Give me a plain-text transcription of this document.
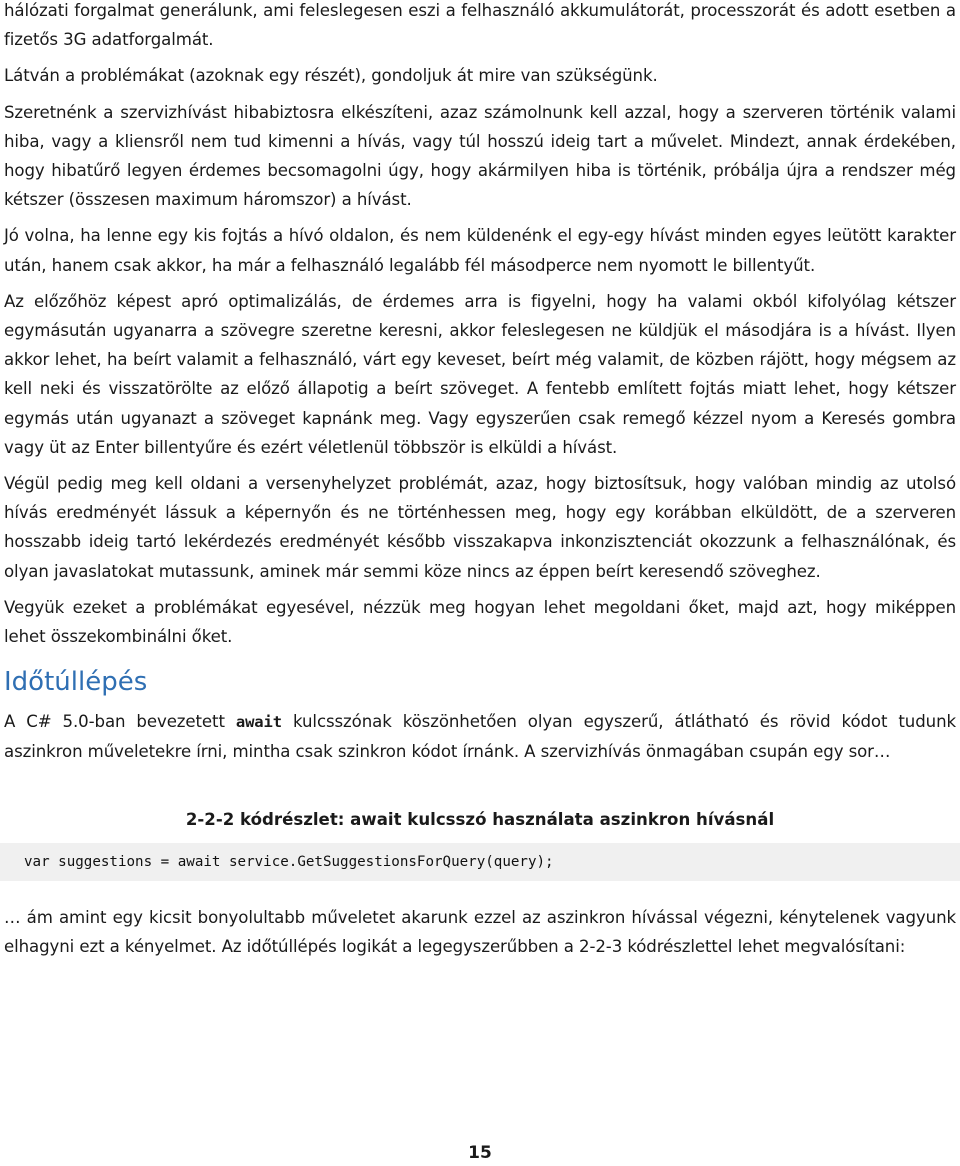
hálózati forgalmat generálunk, ami feleslegesen eszi a felhasználó akkumulátorát, processzorát és adott esetben a fizetős 3G adatforgalmát.

Látván a problémákat (azoknak egy részét), gondoljuk át mire van szükségünk.

Szeretnénk a szervizhívást hibabiztosra elkészíteni, azaz számolnunk kell azzal, hogy a szerveren történik valami hiba, vagy a kliensről nem tud kimenni a hívás, vagy túl hosszú ideig tart a művelet. Mindezt, annak érdekében, hogy hibatűrő legyen érdemes becsomagolni úgy, hogy akármilyen hiba is történik, próbálja újra a rendszer még kétszer (összesen maximum háromszor) a hívást.

Jó volna, ha lenne egy kis fojtás a hívó oldalon, és nem küldenénk el egy-egy hívást minden egyes leütött karakter után, hanem csak akkor, ha már a felhasználó legalább fél másodperce nem nyomott le billentyűt.

Az előzőhöz képest apró optimalizálás, de érdemes arra is figyelni, hogy ha valami okból kifolyólag kétszer egymásután ugyanarra a szövegre szeretne keresni, akkor feleslegesen ne küldjük el másodjára is a hívást. Ilyen akkor lehet, ha beírt valamit a felhasználó, várt egy keveset, beírt még valamit, de közben rájött, hogy mégsem az kell neki és visszatörölte az előző állapotig a beírt szöveget. A fentebb említett fojtás miatt lehet, hogy kétszer egymás után ugyanazt a szöveget kapnánk meg. Vagy egyszerűen csak remegő kézzel nyom a Keresés gombra vagy üt az Enter billentyűre és ezért véletlenül többször is elküldi a hívást.

Végül pedig meg kell oldani a versenyhelyzet problémát, azaz, hogy biztosítsuk, hogy valóban mindig az utolsó hívás eredményét lássuk a képernyőn és ne történhessen meg, hogy egy korábban elküldött, de a szerveren hosszabb ideig tartó lekérdezés eredményét később visszakapva inkonzisztenciát okozzunk a felhasználónak, és olyan javaslatokat mutassunk, aminek már semmi köze nincs az éppen beírt keresendő szöveghez.

Vegyük ezeket a problémákat egyesével, nézzük meg hogyan lehet megoldani őket, majd azt, hogy miképpen lehet összekombinálni őket.

Időtúllépés

A C# 5.0-ban bevezetett await kulcsszónak köszönhetően olyan egyszerű, átlátható és rövid kódot tudunk aszinkron műveletekre írni, mintha csak szinkron kódot írnánk. A szervizhívás önmagában csupán egy sor…

2-2-2 kódrészlet: await kulcsszó használata aszinkron hívásnál
var suggestions = await service.GetSuggestionsForQuery(query);

… ám amint egy kicsit bonyolultabb műveletet akarunk ezzel az aszinkron hívással végezni, kénytelenek vagyunk elhagyni ezt a kényelmet. Az időtúllépés logikát a legegyszerűbben a 2-2-3 kódrészlettel lehet megvalósítani:

15
